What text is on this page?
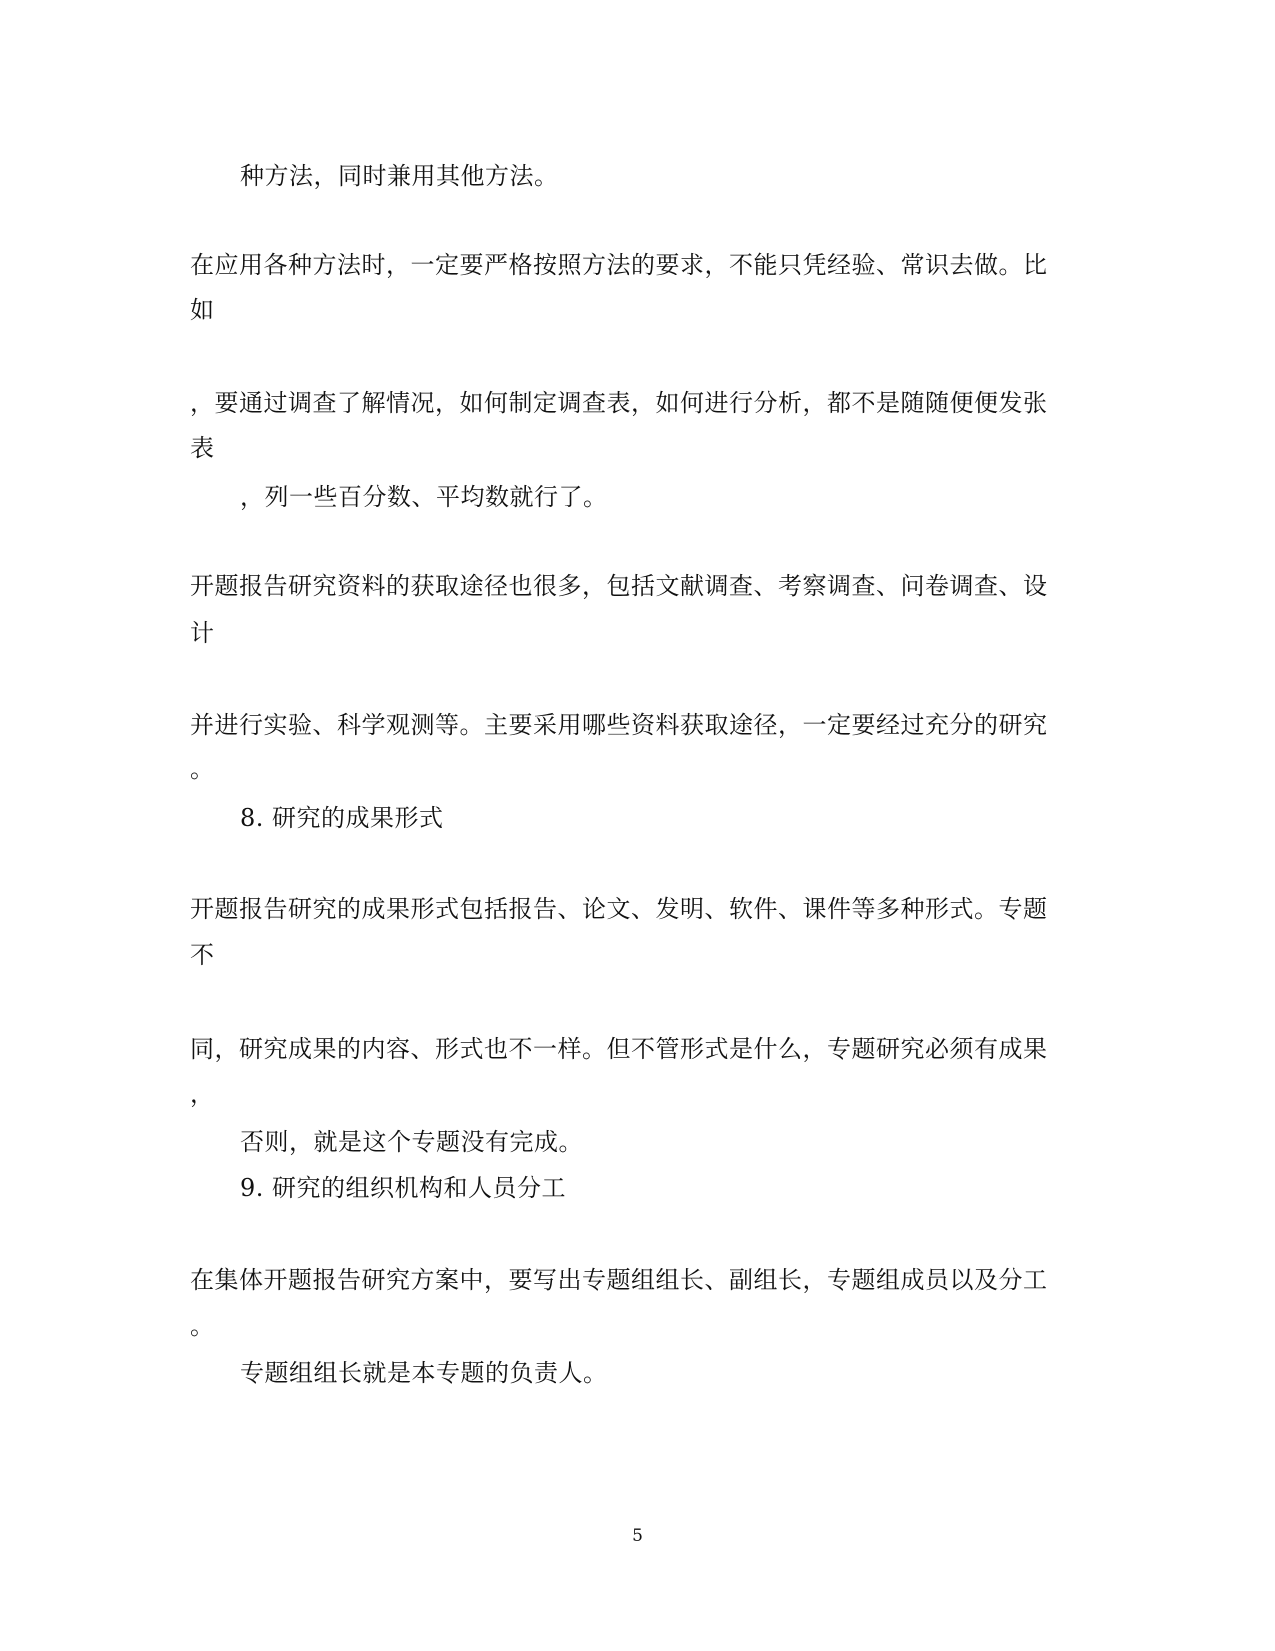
种方法，同时兼用其他方法。
在应用各种方法时，一定要严格按照方法的要求，不能只凭经验、常识去做。比
如
，要通过调查了解情况，如何制定调查表，如何进行分析，都不是随随便便发张
表
，列一些百分数、平均数就行了。
开题报告研究资料的获取途径也很多，包括文献调查、考察调查、问卷调查、设
计
并进行实验、科学观测等。主要采用哪些资料获取途径，一定要经过充分的研究
。
8. 研究的成果形式
开题报告研究的成果形式包括报告、论文、发明、软件、课件等多种形式。专题
不
同，研究成果的内容、形式也不一样。但不管形式是什么，专题研究必须有成果
，
否则，就是这个专题没有完成。
9. 研究的组织机构和人员分工
在集体开题报告研究方案中，要写出专题组组长、副组长，专题组成员以及分工
。
专题组组长就是本专题的负责人。
5
